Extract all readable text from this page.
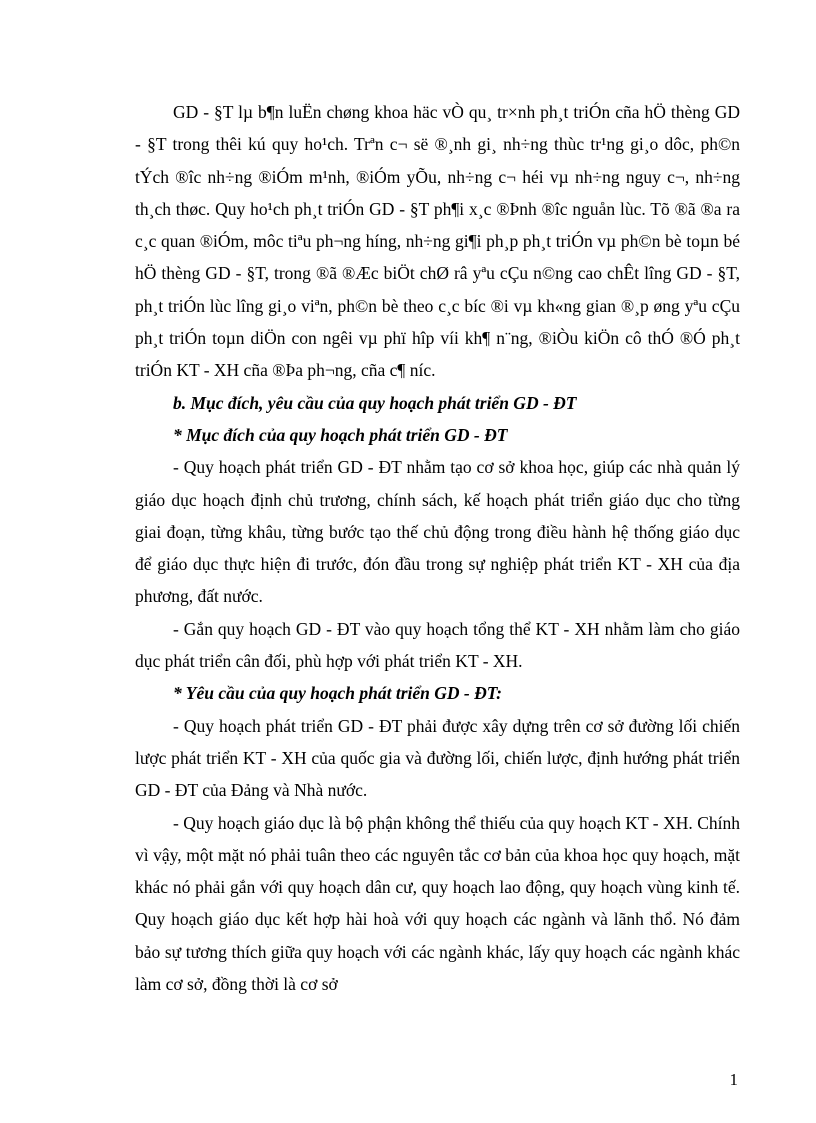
GD - §T lµ b¶n luËn chøng khoa häc vÒ qu¸ tr×nh ph¸t triÓn cña hÖ thèng GD - §T trong thêi kú quy ho¹ch. Trªn c¬ së ®¸nh gi¸ nh÷ng thùc tr¹ng gi¸o dôc, ph©n tÝch ®îc nh÷ng ®iÓm m¹nh, ®iÓm yÕu, nh÷ng c¬ héi vµ nh÷ng nguy c¬, nh÷ng th¸ch thøc. Quy ho¹ch ph¸t triÓn GD - §T ph¶i x¸c ®Þnh ®îc nguån lùc. Tõ ®ã ®a ra c¸c quan ®iÓm, môc tiªu ph¬ng híng, nh÷ng gi¶i ph¸p ph¸t triÓn vµ ph©n bè toµn bé hÖ thèng GD - §T, trong ®ã ®Æc biÖt chØ râ yªu cÇu n©ng cao chÊt lîng GD - §T, ph¸t triÓn lùc lîng gi¸o viªn, ph©n bè theo c¸c bíc ®i vµ kh«ng gian ®¸p øng yªu cÇu ph¸t triÓn toµn diÖn con ngêi vµ phï hîp víi kh¶ n¨ng, ®iÒu kiÖn cô thÓ ®Ó ph¸t triÓn KT - XH cña ®Þa ph¬ng, cña c¶ níc.

b. Mục đích, yêu cầu của quy hoạch phát triển GD - ĐT

* Mục đích của quy hoạch phát triển GD - ĐT

- Quy hoạch phát triển GD - ĐT nhằm tạo cơ sở khoa học, giúp các nhà quản lý giáo dục hoạch định chủ trương, chính sách, kế hoạch phát triển giáo dục cho từng giai đoạn, từng khâu, từng bước tạo thế chủ động trong điều hành hệ thống giáo dục để giáo dục thực hiện đi trước, đón đầu trong sự nghiệp phát triển KT - XH của địa phương, đất nước.

- Gắn quy hoạch GD - ĐT vào quy hoạch tổng thể KT - XH nhằm làm cho giáo dục phát triển cân đối, phù hợp với phát triển KT - XH.

* Yêu cầu của quy hoạch phát triển GD - ĐT:

- Quy hoạch phát triển GD - ĐT phải được xây dựng trên cơ sở đường lối chiến lược phát triển KT - XH của quốc gia và đường lối, chiến lược, định hướng phát triển GD - ĐT của Đảng và Nhà nước.

- Quy hoạch giáo dục là bộ phận không thể thiếu của quy hoạch KT - XH. Chính vì vậy, một mặt nó phải tuân theo các nguyên tắc cơ bản của khoa học quy hoạch, mặt khác nó phải gắn với quy hoạch dân cư, quy hoạch lao động, quy hoạch vùng kinh tế. Quy hoạch giáo dục kết hợp hài hoà với quy hoạch các ngành và lãnh thổ. Nó đảm bảo sự tương thích giữa quy hoạch với các ngành khác, lấy quy hoạch các ngành khác làm cơ sở, đồng thời là cơ sở

1
